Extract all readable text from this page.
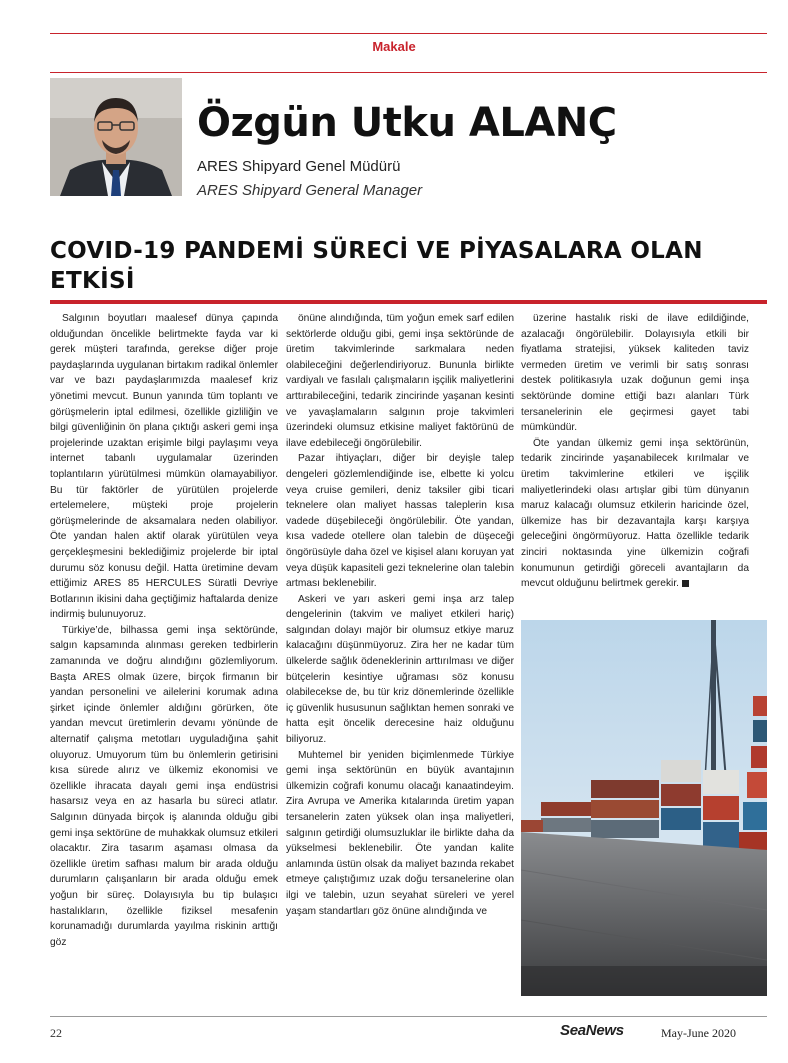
Makale
Özgün Utku ALANÇ
ARES Shipyard Genel Müdürü
ARES Shipyard General Manager
COVID-19 PANDEMİ SÜRECİ VE PİYASALARA OLAN ETKİSİ

Salgının boyutları maalesef dünya çapında olduğundan öncelikle belirtmekte fayda var ki gerek müşteri tarafında, gerekse diğer proje paydaşlarında uygulanan birtakım radikal önlemler var ve bazı paydaşlarımızda maalesef kriz yönetimi mevcut. Bunun yanında tüm toplantı ve görüşmelerin iptal edilmesi, özellikle gizliliğin ve bilgi güvenliğinin ön plana çıktığı askeri gemi inşa projelerinde uzaktan erişimle bilgi paylaşımı veya internet tabanlı uygulamalar üzerinden toplantıların yürütülmesi mümkün olamayabiliyor. Bu tür faktörler de yürütülen projelerde ertelemelere, müşteki proje projelerin görüşmelerinde de aksamalara neden olabiliyor. Öte yandan halen aktif olarak yürütülen veya gerçekleşmesini beklediğimiz projelerde bir iptal durumu söz konusu değil. Hatta üretimine devam ettiğimiz ARES 85 HERCULES Süratli Devriye Botlarının ikisini daha geçtiğimiz haftalarda denize indirmiş bulunuyoruz.

Türkiye’de, bilhassa gemi inşa sektöründe, salgın kapsamında alınması gereken tedbirlerin zamanında ve doğru alındığını gözlemliyorum. Başta ARES olmak üzere, birçok firmanın bir yandan personelini ve ailelerini korumak adına şirket içinde önlemler aldığını görürken, öte yandan mevcut üretimlerin devamı yönünde de alternatif çalışma metotları uyguladığına şahit oluyoruz. Umuyorum tüm bu önlemlerin getirisini kısa sürede alırız ve ülkemiz ekonomisi ve özellikle ihracata dayalı gemi inşa endüstrisi hasarsız veya en az hasarla bu süreci atlatır. Salgının dünyada birçok iş alanında olduğu gibi gemi inşa sektörüne de muhakkak olumsuz etkileri olacaktır. Zira tasarım aşaması olmasa da özellikle üretim safhası malum bir arada olduğu durumların çalışanların bir arada olduğu emek yoğun bir süreç. Dolayısıyla bu tip bulaşıcı hastalıkların, özellikle fiziksel mesafenin korunamadığı durumlarda yayılma riskinin arttığı göz

önüne alındığında, tüm yoğun emek sarf edilen sektörlerde olduğu gibi, gemi inşa sektöründe de üretim takvimlerinde sarkmalara neden olabileceğini değerlendiriyoruz. Bununla birlikte vardiyalı ve fasılalı çalışmaların işçilik maliyetlerini arttırabileceğini, tedarik zincirinde yaşanan kesinti ve yavaşlamaların salgının proje takvimleri üzerindeki olumsuz etkisine maliyet faktörünü de ilave edebileceği öngörülebilir.

Pazar ihtiyaçları, diğer bir deyişle talep dengeleri gözlemlendiğinde ise, elbette ki yolcu veya cruise gemileri, deniz taksiler gibi ticari teknelere olan maliyet hassas taleplerin kısa vadede düşebileceği öngörülebilir. Öte yandan, kısa vadede otellere olan talebin de düşeceği öngörüsüyle daha özel ve kişisel alanı koruyan yat veya düşük kapasiteli gezi teknelerine olan talebin artması beklenebilir.

Askeri ve yarı askeri gemi inşa arz talep dengelerinin (takvim ve maliyet etkileri hariç) salgından dolayı majör bir olumsuz etkiye maruz kalacağını düşünmüyoruz. Zira her ne kadar tüm ülkelerde sağlık ödeneklerinin arttırılması ve diğer bütçelerin kesintiye uğraması söz konusu olabilecekse de, bu tür kriz dönemlerinde özellikle iç güvenlik hususunun sağlıktan hemen sonraki ve hatta eşit öncelik derecesine haiz olduğunu biliyoruz.

Muhtemel bir yeniden biçimlenmede Türkiye gemi inşa sektörünün en büyük avantajının ülkemizin coğrafi konumu olacağı kanaatindeyim. Zira Avrupa ve Amerika kıtalarında üretim yapan tersanelerin zaten yüksek olan inşa maliyetleri, salgının getirdiği olumsuzluklar ile birlikte daha da yükselmesi beklenebilir. Öte yandan kalite anlamında üstün olsak da maliyet bazında rekabet etmeye çalıştığımız uzak doğu tersanelerine olan ilgi ve talebin, uzun seyahat süreleri ve yerel yaşam standartları göz önüne alındığında ve

üzerine hastalık riski de ilave edildiğinde, azalacağı öngörülebilir. Dolayısıyla etkili bir fiyatlama stratejisi, yüksek kaliteden taviz vermeden üretim ve verimli bir satış sonrası destek politikasıyla uzak doğunun gemi inşa sektöründe domine ettiği bazı alanları Türk tersanelerinin ele geçirmesi gayet tabi mümkündür.

Öte yandan ülkemiz gemi inşa sektörünün, tedarik zincirinde yaşanabilecek kırılmalar ve üretim takvimlerine etkileri ve işçilik maliyetlerindeki olası artışlar gibi tüm dünyanın maruz kalacağı olumsuz etkilerin haricinde özel, ülkemize has bir dezavantajla karşı karşıya geleceğini öngörmüyoruz. Hatta özellikle tedarik zinciri noktasında yine ülkemizin coğrafi konumunun getirdiği göreceli avantajların da mevcut olduğunu belirtmek gerekir.

22	SeaNews	May-June 2020
